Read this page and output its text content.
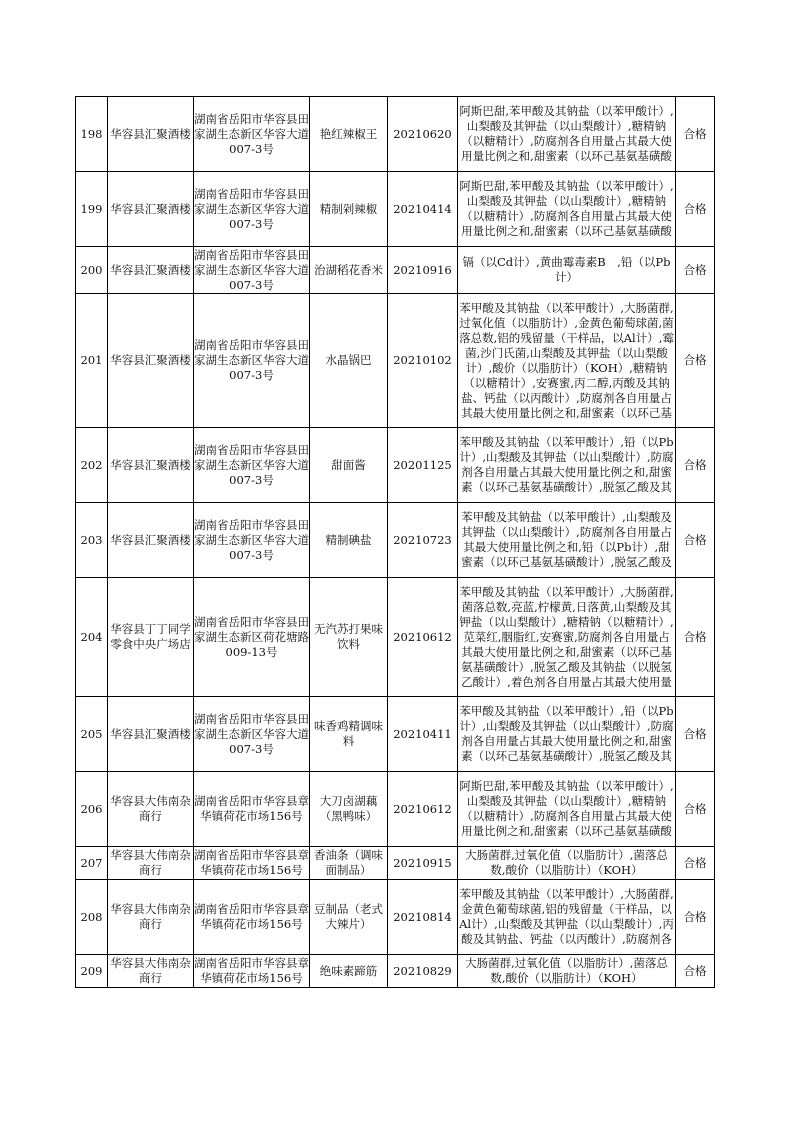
198	华容县汇聚酒楼	湖南省岳阳市华容县田家湖生态新区华容大道007-3号	艳红辣椒王	20210620	阿斯巴甜,苯甲酸及其钠盐（以苯甲酸计）,山梨酸及其钾盐（以山梨酸计）,糖精钠（以糖精计）,防腐剂各自用量占其最大使用量比例之和,甜蜜素（以环己基氨基磺酸	合格

199	华容县汇聚酒楼	湖南省岳阳市华容县田家湖生态新区华容大道007-3号	精制剁辣椒	20210414	阿斯巴甜,苯甲酸及其钠盐（以苯甲酸计）,山梨酸及其钾盐（以山梨酸计）,糖精钠（以糖精计）,防腐剂各自用量占其最大使用量比例之和,甜蜜素（以环己基氨基磺酸	合格

200	华容县汇聚酒楼	湖南省岳阳市华容县田家湖生态新区华容大道007-3号	治湖稻花香米	20210916	镉（以Cd计）,黄曲霉毒素B　,铅（以Pb计）	合格

201	华容县汇聚酒楼	湖南省岳阳市华容县田家湖生态新区华容大道007-3号	水晶锅巴	20210102	苯甲酸及其钠盐（以苯甲酸计）,大肠菌群,过氧化值（以脂肪计）,金黄色葡萄球菌,菌落总数,铝的残留量（干样品，以Al计）,霉菌,沙门氏菌,山梨酸及其钾盐（以山梨酸计）,酸价（以脂肪计）（KOH）,糖精钠（以糖精计）,安赛蜜,丙二醇,丙酸及其钠盐、钙盐（以丙酸计）,防腐剂各自用量占其最大使用量比例之和,甜蜜素（以环己基	合格

202	华容县汇聚酒楼	湖南省岳阳市华容县田家湖生态新区华容大道007-3号	甜面酱	20201125	苯甲酸及其钠盐（以苯甲酸计）,铅（以Pb计）,山梨酸及其钾盐（以山梨酸计）,防腐剂各自用量占其最大使用量比例之和,甜蜜素（以环己基氨基磺酸计）,脱氢乙酸及其	合格

203	华容县汇聚酒楼	湖南省岳阳市华容县田家湖生态新区华容大道007-3号	精制碘盐	20210723	苯甲酸及其钠盐（以苯甲酸计）,山梨酸及其钾盐（以山梨酸计）,防腐剂各自用量占其最大使用量比例之和,铅（以Pb计）,甜蜜素（以环己基氨基磺酸计）,脱氢乙酸及	合格

204	华容县丁丁同学零食中央广场店	湖南省岳阳市华容县田家湖生态新区荷花塘路009-13号	无汽苏打果味饮料	20210612	苯甲酸及其钠盐（以苯甲酸计）,大肠菌群,菌落总数,亮蓝,柠檬黄,日落黄,山梨酸及其钾盐（以山梨酸计）,糖精钠（以糖精计）,苋菜红,胭脂红,安赛蜜,防腐剂各自用量占其最大使用量比例之和,甜蜜素（以环己基氨基磺酸计）,脱氢乙酸及其钠盐（以脱氢乙酸计）,着色剂各自用量占其最大使用量	合格

205	华容县汇聚酒楼	湖南省岳阳市华容县田家湖生态新区华容大道007-3号	味香鸡精调味料	20210411	苯甲酸及其钠盐（以苯甲酸计）,铅（以Pb计）,山梨酸及其钾盐（以山梨酸计）,防腐剂各自用量占其最大使用量比例之和,甜蜜素（以环己基氨基磺酸计）,脱氢乙酸及其	合格

206	华容县大伟南杂商行	湖南省岳阳市华容县章华镇荷花市场156号	大刀卤湖藕（黑鸭味）	20210612	阿斯巴甜,苯甲酸及其钠盐（以苯甲酸计）,山梨酸及其钾盐（以山梨酸计）,糖精钠（以糖精计）,防腐剂各自用量占其最大使用量比例之和,甜蜜素（以环己基氨基磺酸	合格

207	华容县大伟南杂商行	湖南省岳阳市华容县章华镇荷花市场156号	香油条（调味面制品）	20210915	大肠菌群,过氧化值（以脂肪计）,菌落总数,酸价（以脂肪计）（KOH）	合格

208	华容县大伟南杂商行	湖南省岳阳市华容县章华镇荷花市场156号	豆制品（老式大辣片）	20210814	苯甲酸及其钠盐（以苯甲酸计）,大肠菌群,金黄色葡萄球菌,铝的残留量（干样品，以Al计）,山梨酸及其钾盐（以山梨酸计）,丙酸及其钠盐、钙盐（以丙酸计）,防腐剂各	合格

209	华容县大伟南杂商行	湖南省岳阳市华容县章华镇荷花市场156号	绝味素蹄筋	20210829	大肠菌群,过氧化值（以脂肪计）,菌落总数,酸价（以脂肪计）（KOH）	合格
